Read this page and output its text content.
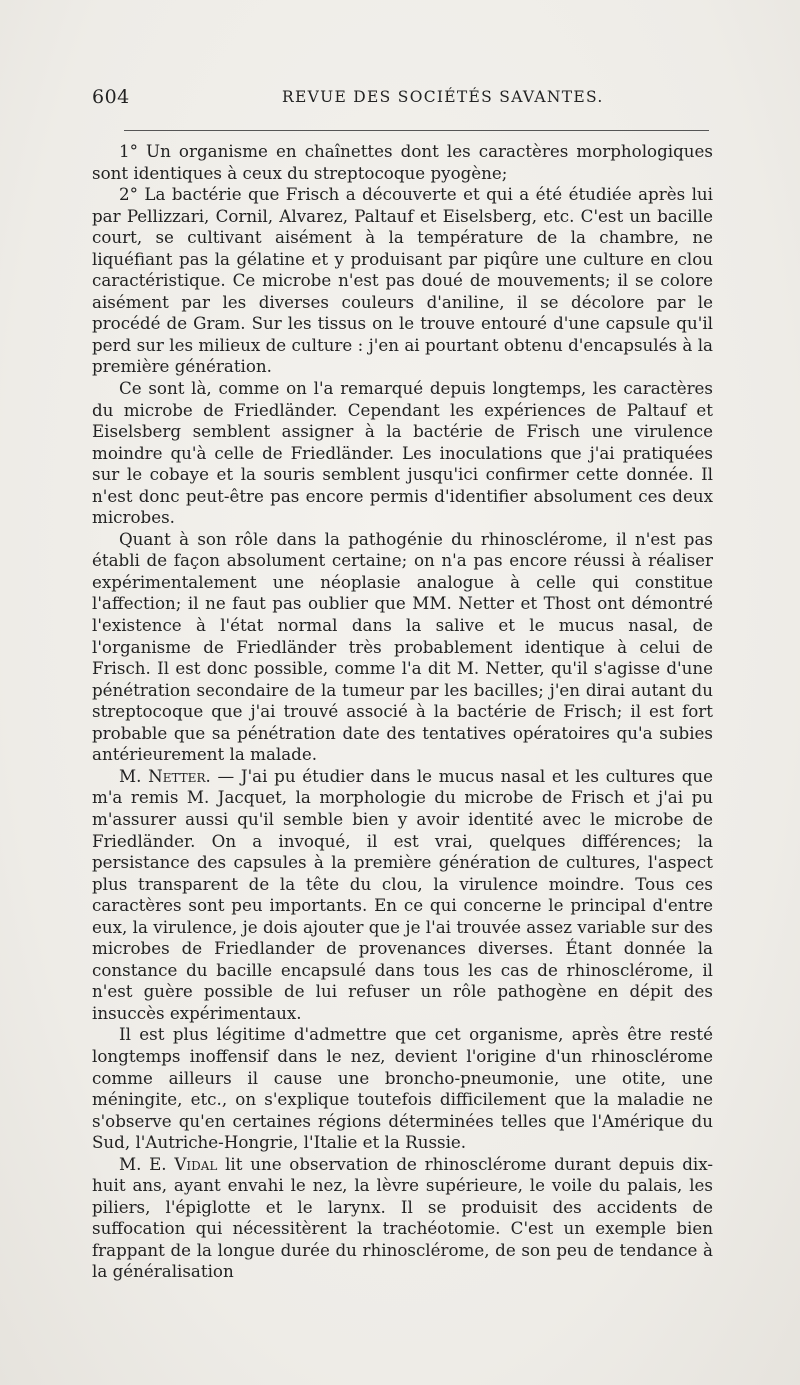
604	REVUE DES SOCIÉTÉS SAVANTES.

1° Un organisme en chaînettes dont les caractères morphologiques sont identiques à ceux du streptocoque pyogène;

2° La bactérie que Frisch a découverte et qui a été étudiée après lui par Pellizzari, Cornil, Alvarez, Paltauf et Eiselsberg, etc. C'est un bacille court, se cultivant aisément à la température de la chambre, ne liquéfiant pas la gélatine et y produisant par piqûre une culture en clou caractéristique. Ce microbe n'est pas doué de mouvements; il se colore aisément par les diverses couleurs d'aniline, il se décolore par le procédé de Gram. Sur les tissus on le trouve entouré d'une capsule qu'il perd sur les milieux de culture : j'en ai pourtant obtenu d'encapsulés à la première génération.

Ce sont là, comme on l'a remarqué depuis longtemps, les caractères du microbe de Friedländer. Cependant les expériences de Paltauf et Eiselsberg semblent assigner à la bactérie de Frisch une virulence moindre qu'à celle de Friedländer. Les inoculations que j'ai pratiquées sur le cobaye et la souris semblent jusqu'ici confirmer cette donnée. Il n'est donc peut-être pas encore permis d'identifier absolument ces deux microbes.

Quant à son rôle dans la pathogénie du rhinosclérome, il n'est pas établi de façon absolument certaine; on n'a pas encore réussi à réaliser expérimentalement une néoplasie analogue à celle qui constitue l'affection; il ne faut pas oublier que MM. Netter et Thost ont démontré l'existence à l'état normal dans la salive et le mucus nasal, de l'organisme de Friedländer très probablement identique à celui de Frisch. Il est donc possible, comme l'a dit M. Netter, qu'il s'agisse d'une pénétration secondaire de la tumeur par les bacilles; j'en dirai autant du streptocoque que j'ai trouvé associé à la bactérie de Frisch; il est fort probable que sa pénétration date des tentatives opératoires qu'a subies antérieurement la malade.

M. Netter. — J'ai pu étudier dans le mucus nasal et les cultures que m'a remis M. Jacquet, la morphologie du microbe de Frisch et j'ai pu m'assurer aussi qu'il semble bien y avoir identité avec le microbe de Friedländer. On a invoqué, il est vrai, quelques différences; la persistance des capsules à la première génération de cultures, l'aspect plus transparent de la tête du clou, la virulence moindre. Tous ces caractères sont peu importants. En ce qui concerne le principal d'entre eux, la virulence, je dois ajouter que je l'ai trouvée assez variable sur des microbes de Friedlander de provenances diverses. Étant donnée la constance du bacille encapsulé dans tous les cas de rhinosclérome, il n'est guère possible de lui refuser un rôle pathogène en dépit des insuccès expérimentaux.

Il est plus légitime d'admettre que cet organisme, après être resté longtemps inoffensif dans le nez, devient l'origine d'un rhinosclérome comme ailleurs il cause une broncho-pneumonie, une otite, une méningite, etc., on s'explique toutefois difficilement que la maladie ne s'observe qu'en certaines régions déterminées telles que l'Amérique du Sud, l'Autriche-Hongrie, l'Italie et la Russie.

M. E. Vidal lit une observation de rhinosclérome durant depuis dix-huit ans, ayant envahi le nez, la lèvre supérieure, le voile du palais, les piliers, l'épiglotte et le larynx. Il se produisit des accidents de suffocation qui nécessitèrent la trachéotomie. C'est un exemple bien frappant de la longue durée du rhinosclérome, de son peu de tendance à la généralisation
